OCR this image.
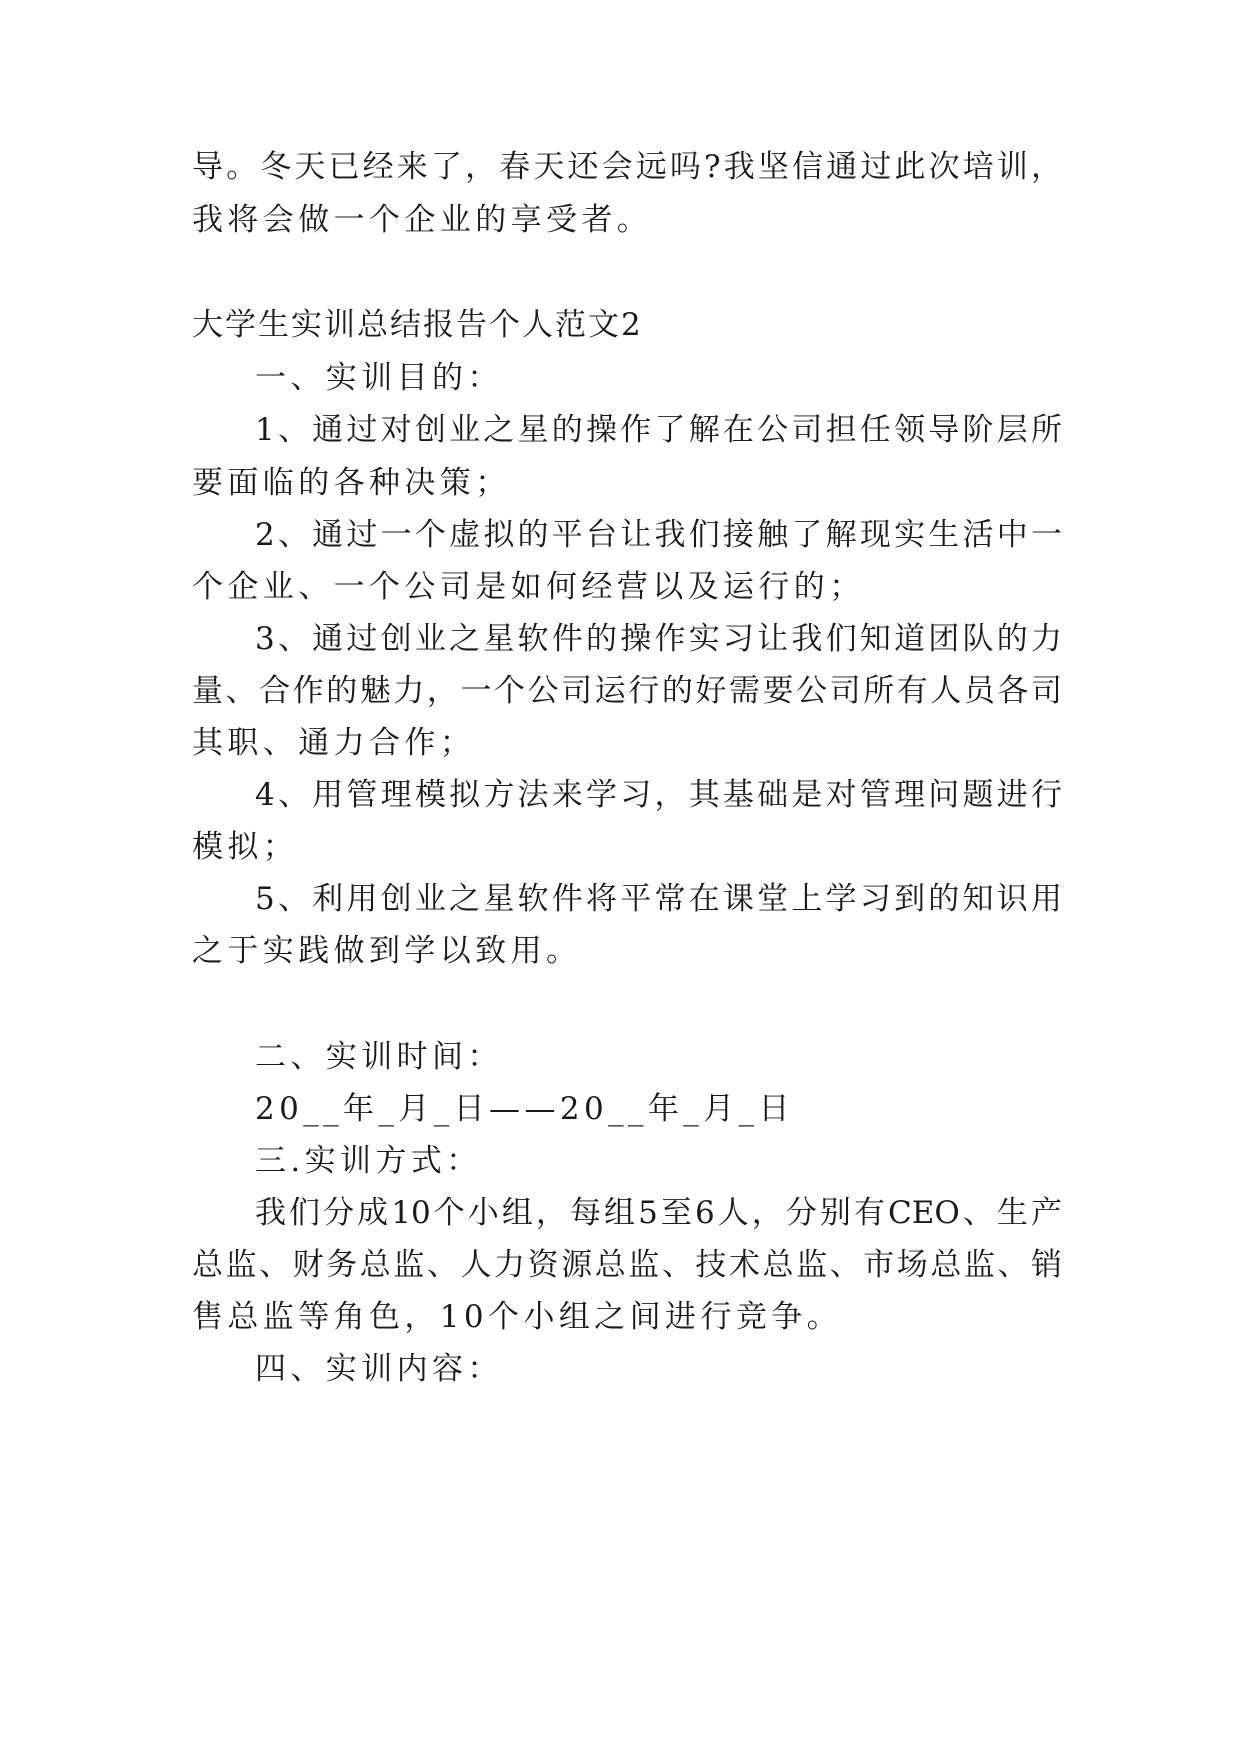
导。冬天已经来了，春天还会远吗?我坚信通过此次培训，
我将会做一个企业的享受者。
大学生实训总结报告个人范文2
一、实训目的：
1、通过对创业之星的操作了解在公司担任领导阶层所
要面临的各种决策；
2、通过一个虚拟的平台让我们接触了解现实生活中一
个企业、一个公司是如何经营以及运行的；
3、通过创业之星软件的操作实习让我们知道团队的力
量、合作的魅力，一个公司运行的好需要公司所有人员各司
其职、通力合作；
4、用管理模拟方法来学习，其基础是对管理问题进行
模拟；
5、利用创业之星软件将平常在课堂上学习到的知识用
之于实践做到学以致用。
二、实训时间：
20__年_月_日——20__年_月_日
三.实训方式：
我们分成10个小组，每组5至6人，分别有CEO、生产
总监、财务总监、人力资源总监、技术总监、市场总监、销
售总监等角色，10个小组之间进行竞争。
四、实训内容：
